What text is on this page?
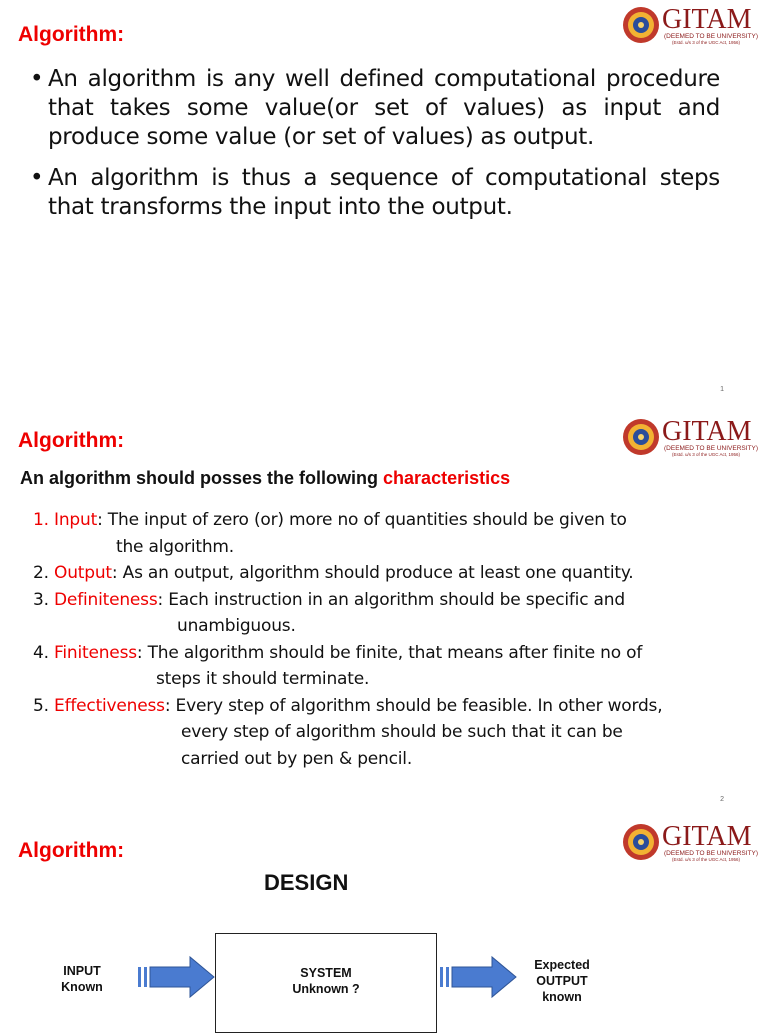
Algorithm:	GITAM
(DEEMED TO BE UNIVERSITY)
(Estd. u/s 3 of the UGC Act, 1956)
• An algorithm is any well defined computational procedure that takes some value(or set of values) as input and produce some value (or set of values) as output.
• An algorithm is thus a sequence of computational steps that transforms the input into the output.
1
Algorithm:	GITAM
(DEEMED TO BE UNIVERSITY)
(Estd. u/s 3 of the UGC Act, 1956)
An algorithm should posses the following characteristics
1. Input: The input of zero (or) more no of quantities should be given to
the algorithm.
2. Output: As an output, algorithm should produce at least one quantity.
3. Definiteness: Each instruction in an algorithm should be specific and
unambiguous.
4. Finiteness: The algorithm should be finite, that means after finite no of
steps it should terminate.
5. Effectiveness: Every step of algorithm should be feasible. In other words,
every step of algorithm should be such that it can be
carried out by pen & pencil.
2
Algorithm:	GITAM
(DEEMED TO BE UNIVERSITY)
(Estd. u/s 3 of the UGC Act, 1956)
DESIGN
INPUT
Known
SYSTEM
Unknown ?
Expected
OUTPUT
known
